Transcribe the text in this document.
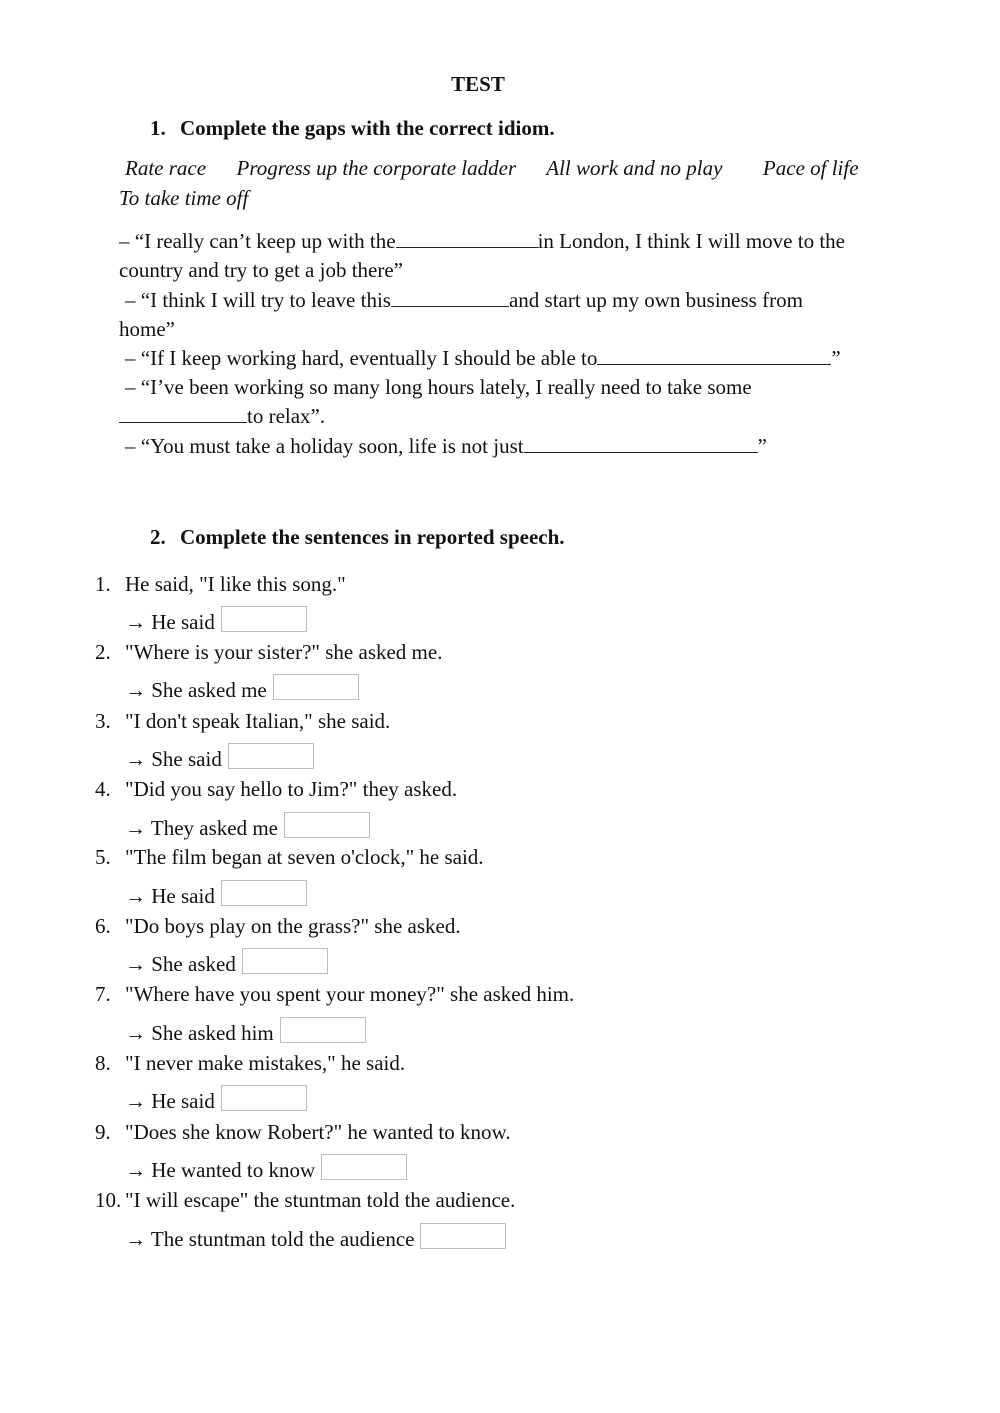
TEST
1. Complete the gaps with the correct idiom.
Rate race Progress up the corporate ladder All work and no play Pace of life
To take time off
– “I really can’t keep up with the	in London, I think I will move to the
country and try to get a job there”
– “I think I will try to leave this	and start up my own business from
home”
– “If I keep working hard, eventually I should be able to	”
– “I’ve been working so many long hours lately, I really need to take some
to relax”.
– “You must take a holiday soon, life is not just	”
2. Complete the sentences in reported speech.
1. He said, "I like this song."
→ He said
2. "Where is your sister?" she asked me.
→ She asked me
3. "I don't speak Italian," she said.
→ She said
4. "Did you say hello to Jim?" they asked.
→ They asked me
5. "The film began at seven o'clock," he said.
→ He said
6. "Do boys play on the grass?" she asked.
→ She asked
7. "Where have you spent your money?" she asked him.
→ She asked him
8. "I never make mistakes," he said.
→ He said
9. "Does she know Robert?" he wanted to know.
→ He wanted to know
10. "I will escape" the stuntman told the audience.
→ The stuntman told the audience
